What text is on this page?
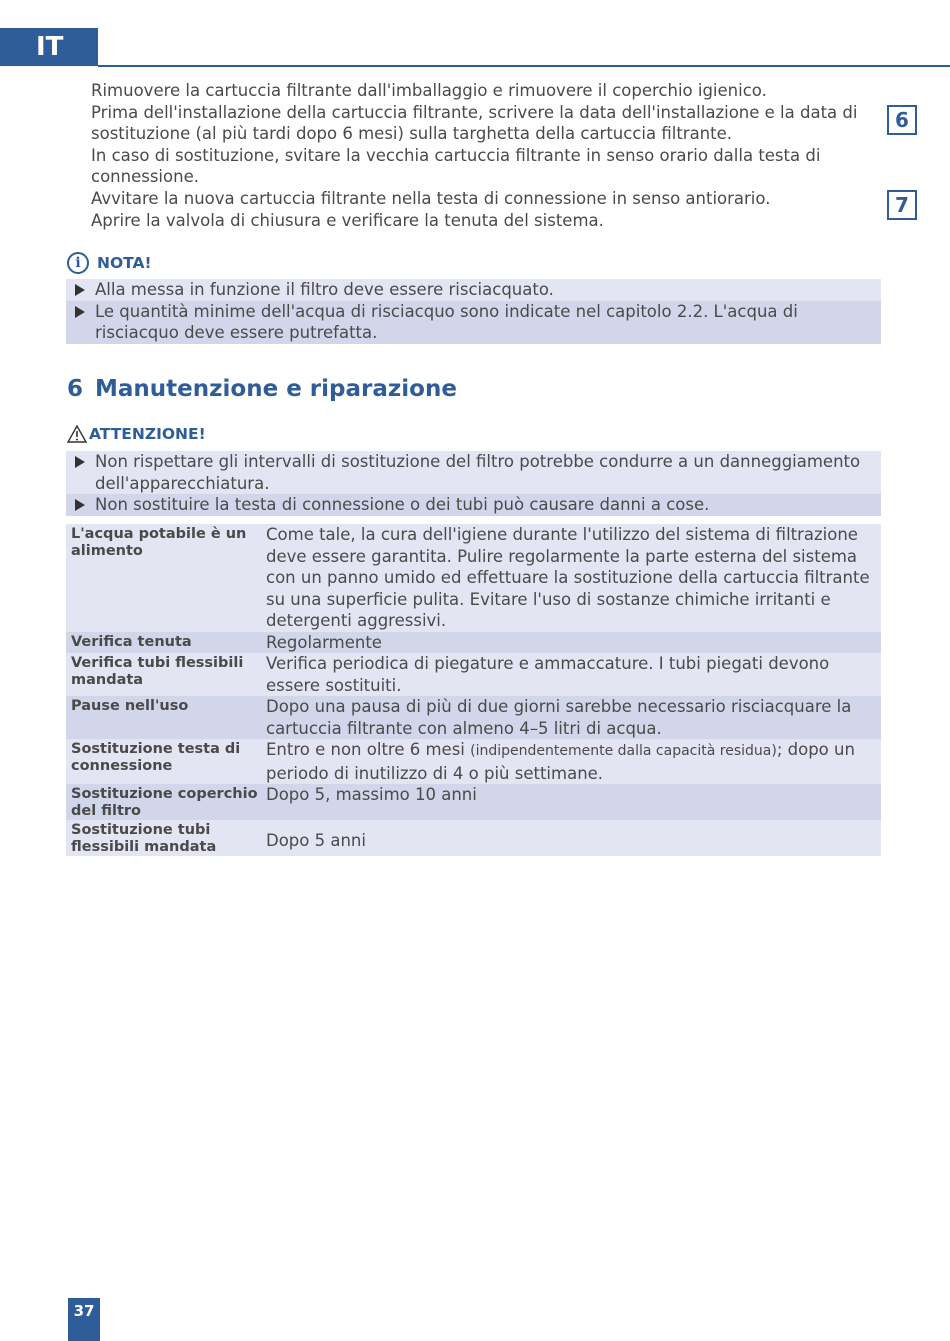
IT

Rimuovere la cartuccia filtrante dall'imballaggio e rimuovere il coperchio igienico.

Prima dell'installazione della cartuccia filtrante, scrivere la data dell'installazione e la data di sostituzione (al più tardi dopo 6 mesi) sulla targhetta della cartuccia filtrante.

In caso di sostituzione, svitare la vecchia cartuccia filtrante in senso orario dalla testa di connessione.

Avvitare la nuova cartuccia filtrante nella testa di connessione in senso antiorario.

Aprire la valvola di chiusura e verificare la tenuta del sistema.

6
7
i	NOTA!
Alla messa in funzione il filtro deve essere risciacquato.
Le quantità minime dell'acqua di risciacquo sono indicate nel capitolo 2.2. L'acqua di risciacquo deve essere putrefatta.
6 Manutenzione e riparazione
ATTENZIONE!
Non rispettare gli intervalli di sostituzione del filtro potrebbe condurre a un danneggiamento dell'apparecchiatura.
Non sostituire la testa di connessione o dei tubi può causare danni a cose.
L'acqua potabile è un alimento	Come tale, la cura dell'igiene durante l'utilizzo del sistema di filtrazione deve essere garantita. Pulire regolarmente la parte esterna del sistema con un panno umido ed effettuare la sostituzione della cartuccia filtrante su una superficie pulita. Evitare l'uso di sostanze chimiche irritanti e detergenti aggressivi.
Verifica tenuta	Regolarmente
Verifica tubi flessibili mandata	Verifica periodica di piegature e ammaccature. I tubi piegati devono essere sostituiti.
Pause nell'uso	Dopo una pausa di più di due giorni sarebbe necessario risciacquare la cartuccia filtrante con almeno 4–5 litri di acqua.
Sostituzione testa di connessione	Entro e non oltre 6 mesi (indipendentemente dalla capacità residua); dopo un periodo di inutilizzo di 4 o più settimane.
Sostituzione coperchio del filtro	Dopo 5, massimo 10 anni
Sostituzione tubi flessibili mandata	Dopo 5 anni
37
